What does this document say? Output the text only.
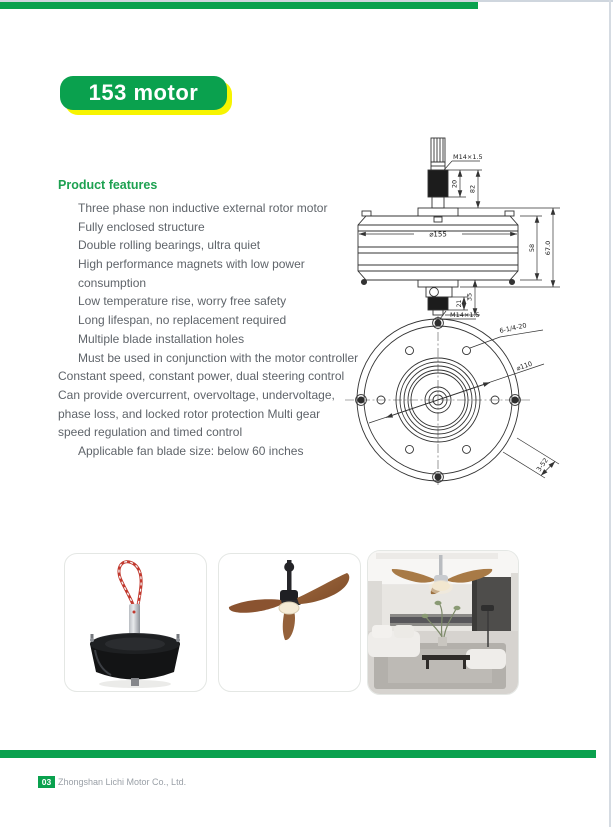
153 motor
Product features
Three phase non inductive external rotor motor
Fully enclosed structure
Double rolling bearings, ultra quiet
High performance magnets with low power
consumption
Low temperature rise, worry free safety
Long lifespan, no replacement required
Multiple blade installation holes
Must be used in conjunction with the motor controller
Constant speed, constant power, dual steering control
Can provide overcurrent, overvoltage, undervoltage,
phase loss, and locked rotor protection Multi gear
speed regulation and timed control
Applicable fan blade size: below 60 inches
M14×1.5
20
82
⌀155
58 67.0
21
35
M14×1.5
6-1/4-20
⌀110
3-52
03 Zhongshan Lichi Motor Co., Ltd.
